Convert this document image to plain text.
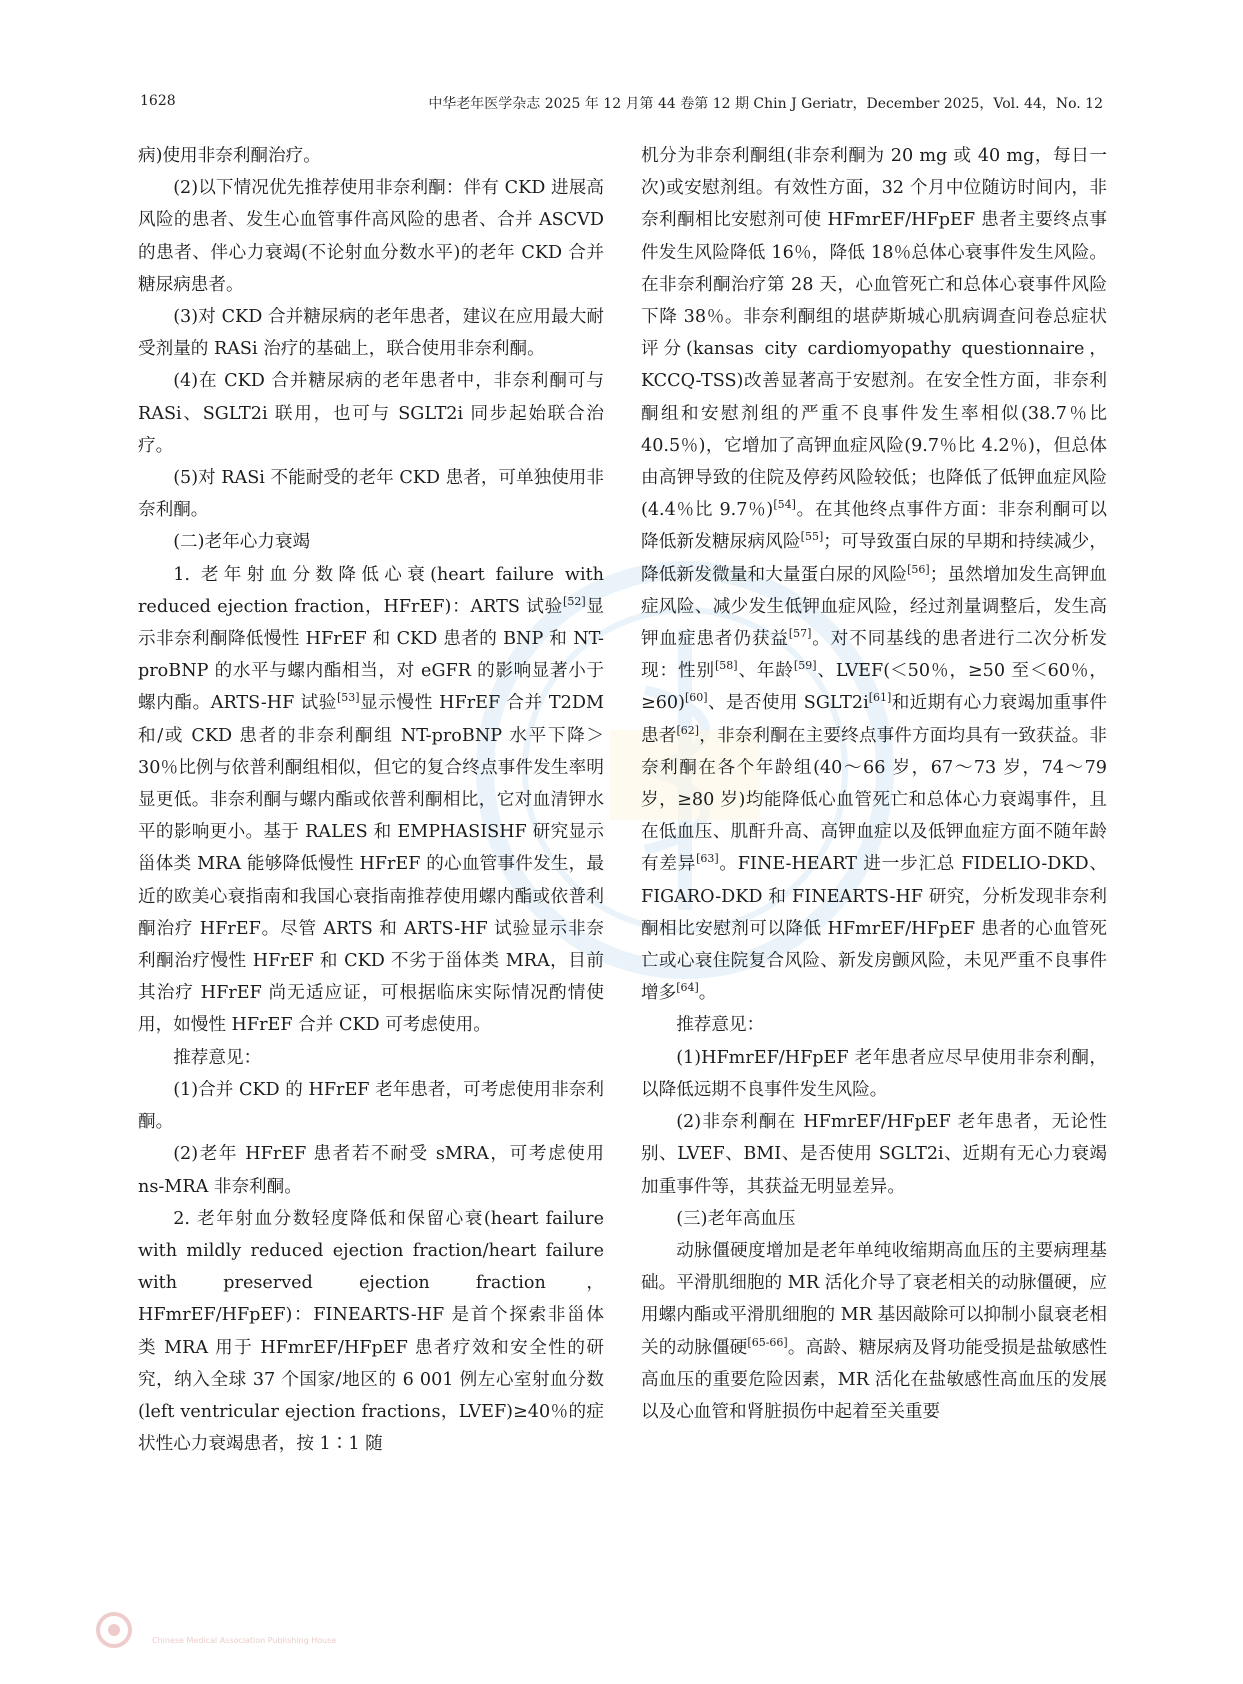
1628	中华老年医学杂志 2025 年 12 月第 44 卷第 12 期 Chin J Geriatr，December 2025，Vol. 44，No. 12

病)使用非奈利酮治疗。

(2)以下情况优先推荐使用非奈利酮：伴有 CKD 进展高风险的患者、发生心血管事件高风险的患者、合并 ASCVD 的患者、伴心力衰竭(不论射血分数水平)的老年 CKD 合并糖尿病患者。

(3)对 CKD 合并糖尿病的老年患者，建议在应用最大耐受剂量的 RASi 治疗的基础上，联合使用非奈利酮。

(4)在 CKD 合并糖尿病的老年患者中，非奈利酮可与 RASi、SGLT2i 联用，也可与 SGLT2i 同步起始联合治疗。

(5)对 RASi 不能耐受的老年 CKD 患者，可单独使用非奈利酮。

(二)老年心力衰竭

1. 老年射血分数降低心衰(heart failure with reduced ejection fraction，HFrEF)：ARTS 试验[52]显示非奈利酮降低慢性 HFrEF 和 CKD 患者的 BNP 和 NT-proBNP 的水平与螺内酯相当，对 eGFR 的影响显著小于螺内酯。ARTS-HF 试验[53]显示慢性 HFrEF 合并 T2DM 和/或 CKD 患者的非奈利酮组 NT-proBNP 水平下降＞30％比例与依普利酮组相似，但它的复合终点事件发生率明显更低。非奈利酮与螺内酯或依普利酮相比，它对血清钾水平的影响更小。基于 RALES 和 EMPHASISHF 研究显示甾体类 MRA 能够降低慢性 HFrEF 的心血管事件发生，最近的欧美心衰指南和我国心衰指南推荐使用螺内酯或依普利酮治疗 HFrEF。尽管 ARTS 和 ARTS-HF 试验显示非奈利酮治疗慢性 HFrEF 和 CKD 不劣于甾体类 MRA，目前其治疗 HFrEF 尚无适应证，可根据临床实际情况酌情使用，如慢性 HFrEF 合并 CKD 可考虑使用。

推荐意见：

(1)合并 CKD 的 HFrEF 老年患者，可考虑使用非奈利酮。

(2)老年 HFrEF 患者若不耐受 sMRA，可考虑使用 ns-MRA 非奈利酮。

2. 老年射血分数轻度降低和保留心衰(heart failure with mildly reduced ejection fraction/heart failure with preserved ejection fraction，HFmrEF/HFpEF)：FINEARTS-HF 是首个探索非甾体类 MRA 用于 HFmrEF/HFpEF 患者疗效和安全性的研究，纳入全球 37 个国家/地区的 6 001 例左心室射血分数(left ventricular ejection fractions，LVEF)≥40％的症状性心力衰竭患者，按 1∶1 随

机分为非奈利酮组(非奈利酮为 20 mg 或 40 mg，每日一次)或安慰剂组。有效性方面，32 个月中位随访时间内，非奈利酮相比安慰剂可使 HFmrEF/HFpEF 患者主要终点事件发生风险降低 16％，降低 18％总体心衰事件发生风险。在非奈利酮治疗第 28 天，心血管死亡和总体心衰事件风险下降 38％。非奈利酮组的堪萨斯城心肌病调查问卷总症状评分(kansas city cardiomyopathy questionnaire，KCCQ-TSS)改善显著高于安慰剂。在安全性方面，非奈利酮组和安慰剂组的严重不良事件发生率相似(38.7％比 40.5％)，它增加了高钾血症风险(9.7％比 4.2％)，但总体由高钾导致的住院及停药风险较低；也降低了低钾血症风险(4.4％比 9.7％)[54]。在其他终点事件方面：非奈利酮可以降低新发糖尿病风险[55]；可导致蛋白尿的早期和持续减少，降低新发微量和大量蛋白尿的风险[56]；虽然增加发生高钾血症风险、减少发生低钾血症风险，经过剂量调整后，发生高钾血症患者仍获益[57]。对不同基线的患者进行二次分析发现：性别[58]、年龄[59]、LVEF(＜50％，≥50 至＜60％，≥60)[60]、是否使用 SGLT2i[61]和近期有心力衰竭加重事件患者[62]，非奈利酮在主要终点事件方面均具有一致获益。非奈利酮在各个年龄组(40～66 岁，67～73 岁，74～79 岁，≥80 岁)均能降低心血管死亡和总体心力衰竭事件，且在低血压、肌酐升高、高钾血症以及低钾血症方面不随年龄有差异[63]。FINE-HEART 进一步汇总 FIDELIO-DKD、FIGARO-DKD 和 FINEARTS-HF 研究，分析发现非奈利酮相比安慰剂可以降低 HFmrEF/HFpEF 患者的心血管死亡或心衰住院复合风险、新发房颤风险，未见严重不良事件增多[64]。

推荐意见：

(1)HFmrEF/HFpEF 老年患者应尽早使用非奈利酮，以降低远期不良事件发生风险。

(2)非奈利酮在 HFmrEF/HFpEF 老年患者，无论性别、LVEF、BMI、是否使用 SGLT2i、近期有无心力衰竭加重事件等，其获益无明显差异。

(三)老年高血压

动脉僵硬度增加是老年单纯收缩期高血压的主要病理基础。平滑肌细胞的 MR 活化介导了衰老相关的动脉僵硬，应用螺内酯或平滑肌细胞的 MR 基因敲除可以抑制小鼠衰老相关的动脉僵硬[65-66]。高龄、糖尿病及肾功能受损是盐敏感性高血压的重要危险因素，MR 活化在盐敏感性高血压的发展以及心血管和肾脏损伤中起着至关重要

Chinese Medical Association Publishing House
